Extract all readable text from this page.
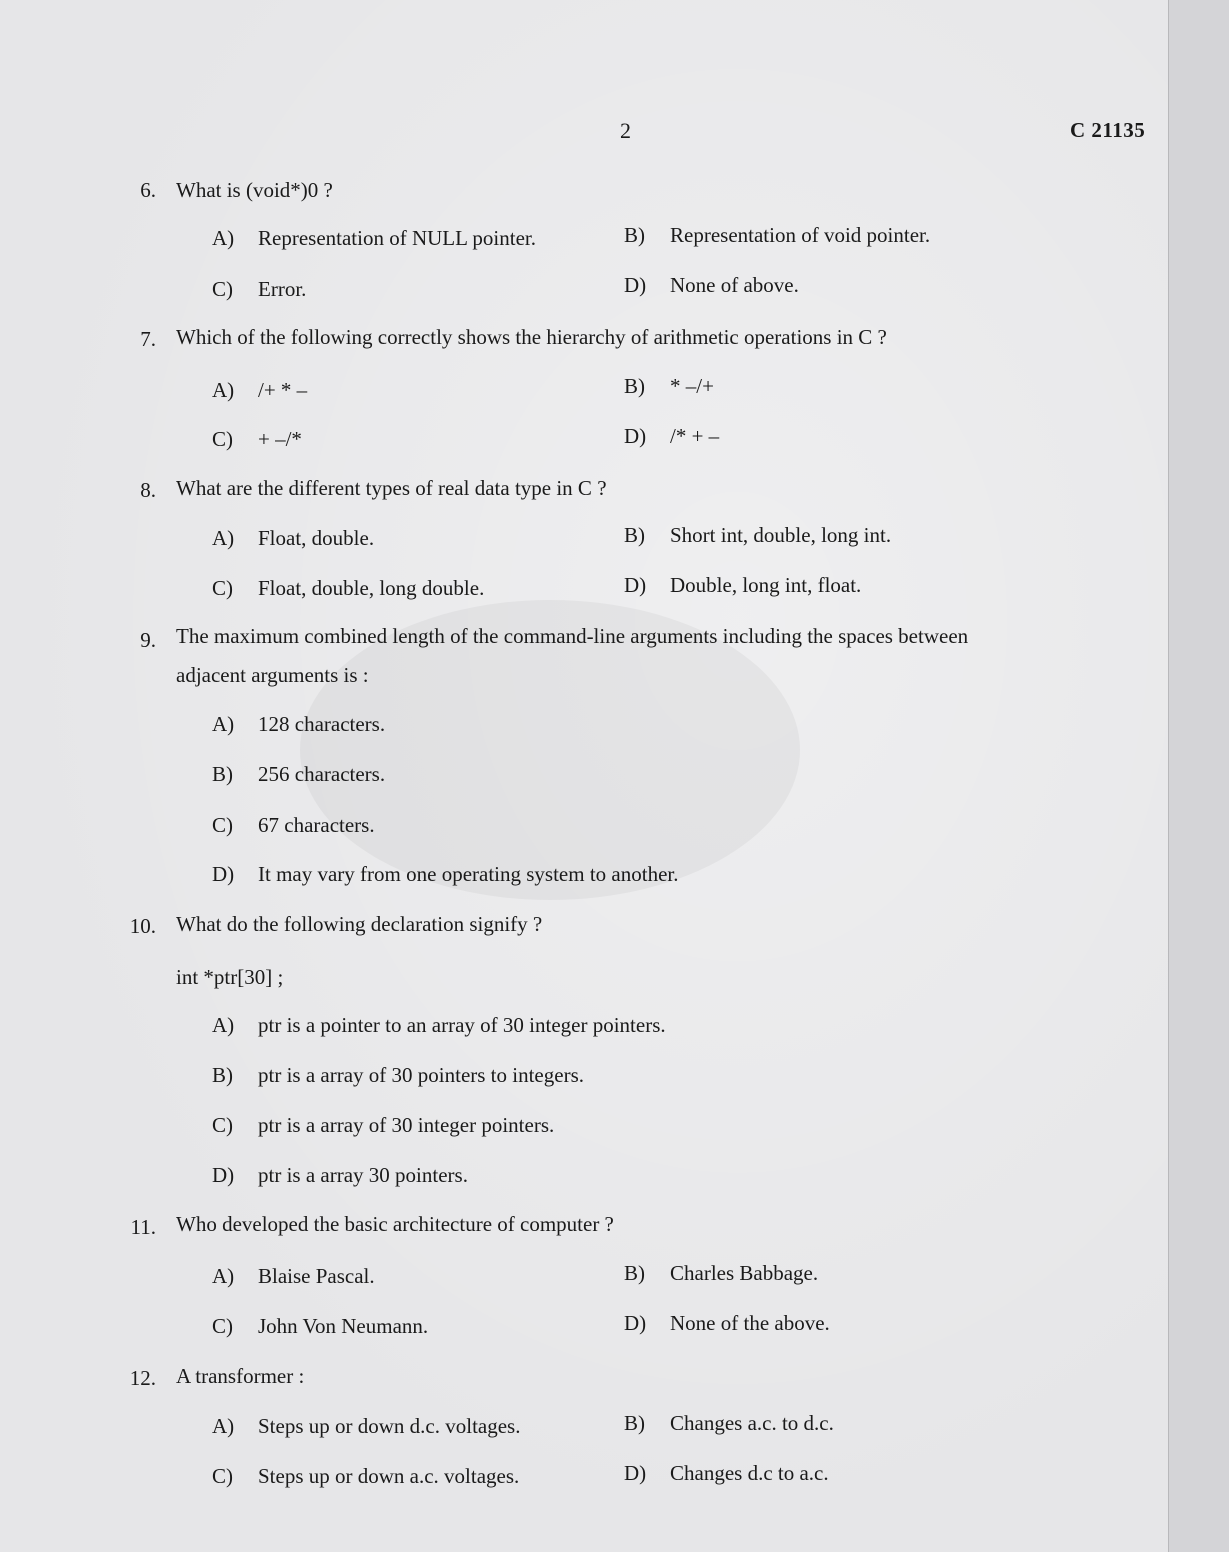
2	C 21135
6. What is (void*)0 ?
A) Representation of NULL pointer.	B) Representation of void pointer.
C) Error.	D) None of above.
7. Which of the following correctly shows the hierarchy of arithmetic operations in C ?
A) /+ * –	B) * –/+
C) + –/*	D) /* + –
8. What are the different types of real data type in C ?
A) Float, double.	B) Short int, double, long int.
C) Float, double, long double.	D) Double, long int, float.
9. The maximum combined length of the command-line arguments including the spaces between
adjacent arguments is :
A) 128 characters.
B) 256 characters.
C) 67 characters.
D) It may vary from one operating system to another.
10. What do the following declaration signify ?
int *ptr[30] ;
A) ptr is a pointer to an array of 30 integer pointers.
B) ptr is a array of 30 pointers to integers.
C) ptr is a array of 30 integer pointers.
D) ptr is a array 30 pointers.
11. Who developed the basic architecture of computer ?
A) Blaise Pascal.	B) Charles Babbage.
C) John Von Neumann.	D) None of the above.
12. A transformer :
A) Steps up or down d.c. voltages.	B) Changes a.c. to d.c.
C) Steps up or down a.c. voltages.	D) Changes d.c to a.c.
